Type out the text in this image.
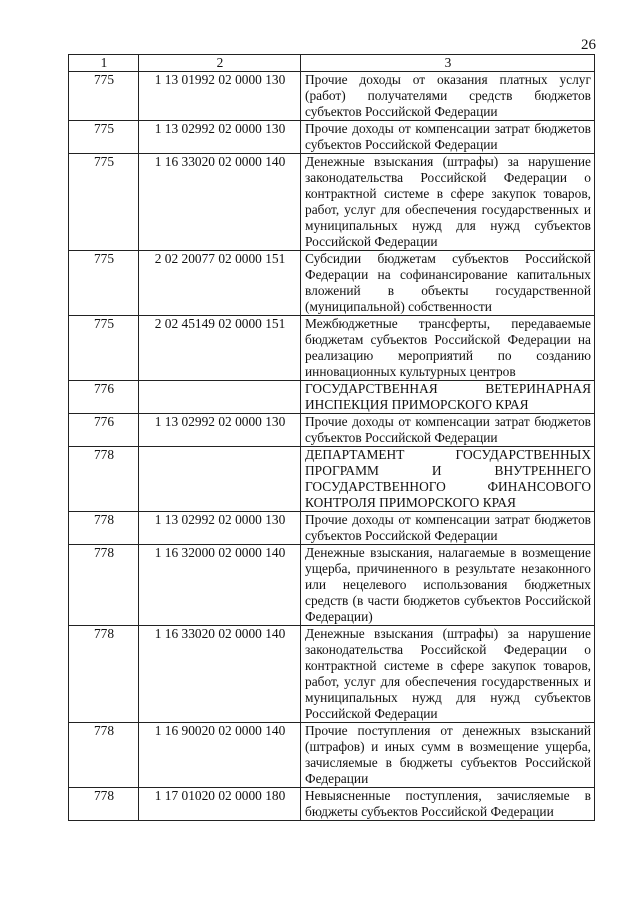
26
1	2	3
775	1 13 01992 02 0000 130	Прочие доходы от оказания платных услуг (работ) получателями средств бюджетов субъектов Российской Федерации
775	1 13 02992 02 0000 130	Прочие доходы от компенсации затрат бюджетов субъектов Российской Федерации
775	1 16 33020 02 0000 140	Денежные взыскания (штрафы) за нарушение законодательства Российской Федерации о контрактной системе в сфере закупок товаров, работ, услуг для обеспечения государственных и муниципальных нужд для нужд субъектов Российской Федерации
775	2 02 20077 02 0000 151	Субсидии бюджетам субъектов Российской Федерации на софинансирование капитальных вложений в объекты государственной (муниципальной) собственности
775	2 02 45149 02 0000 151	Межбюджетные трансферты, передаваемые бюджетам субъектов Российской Федерации на реализацию мероприятий по созданию инновационных культурных центров
776		ГОСУДАРСТВЕННАЯ ВЕТЕРИНАРНАЯ ИНСПЕКЦИЯ ПРИМОРСКОГО КРАЯ
776	1 13 02992 02 0000 130	Прочие доходы от компенсации затрат бюджетов субъектов Российской Федерации
778		ДЕПАРТАМЕНТ ГОСУДАРСТВЕННЫХ ПРОГРАММ И ВНУТРЕННЕГО ГОСУДАРСТВЕННОГО ФИНАНСОВОГО КОНТРОЛЯ ПРИМОРСКОГО КРАЯ
778	1 13 02992 02 0000 130	Прочие доходы от компенсации затрат бюджетов субъектов Российской Федерации
778	1 16 32000 02 0000 140	Денежные взыскания, налагаемые в возмещение ущерба, причиненного в результате незаконного или нецелевого использования бюджетных средств (в части бюджетов субъектов Российской Федерации)
778	1 16 33020 02 0000 140	Денежные взыскания (штрафы) за нарушение законодательства Российской Федерации о контрактной системе в сфере закупок товаров, работ, услуг для обеспечения государственных и муниципальных нужд для нужд субъектов Российской Федерации
778	1 16 90020 02 0000 140	Прочие поступления от денежных взысканий (штрафов) и иных сумм в возмещение ущерба, зачисляемые в бюджеты субъектов Российской Федерации
778	1 17 01020 02 0000 180	Невыясненные поступления, зачисляемые в бюджеты субъектов Российской Федерации
